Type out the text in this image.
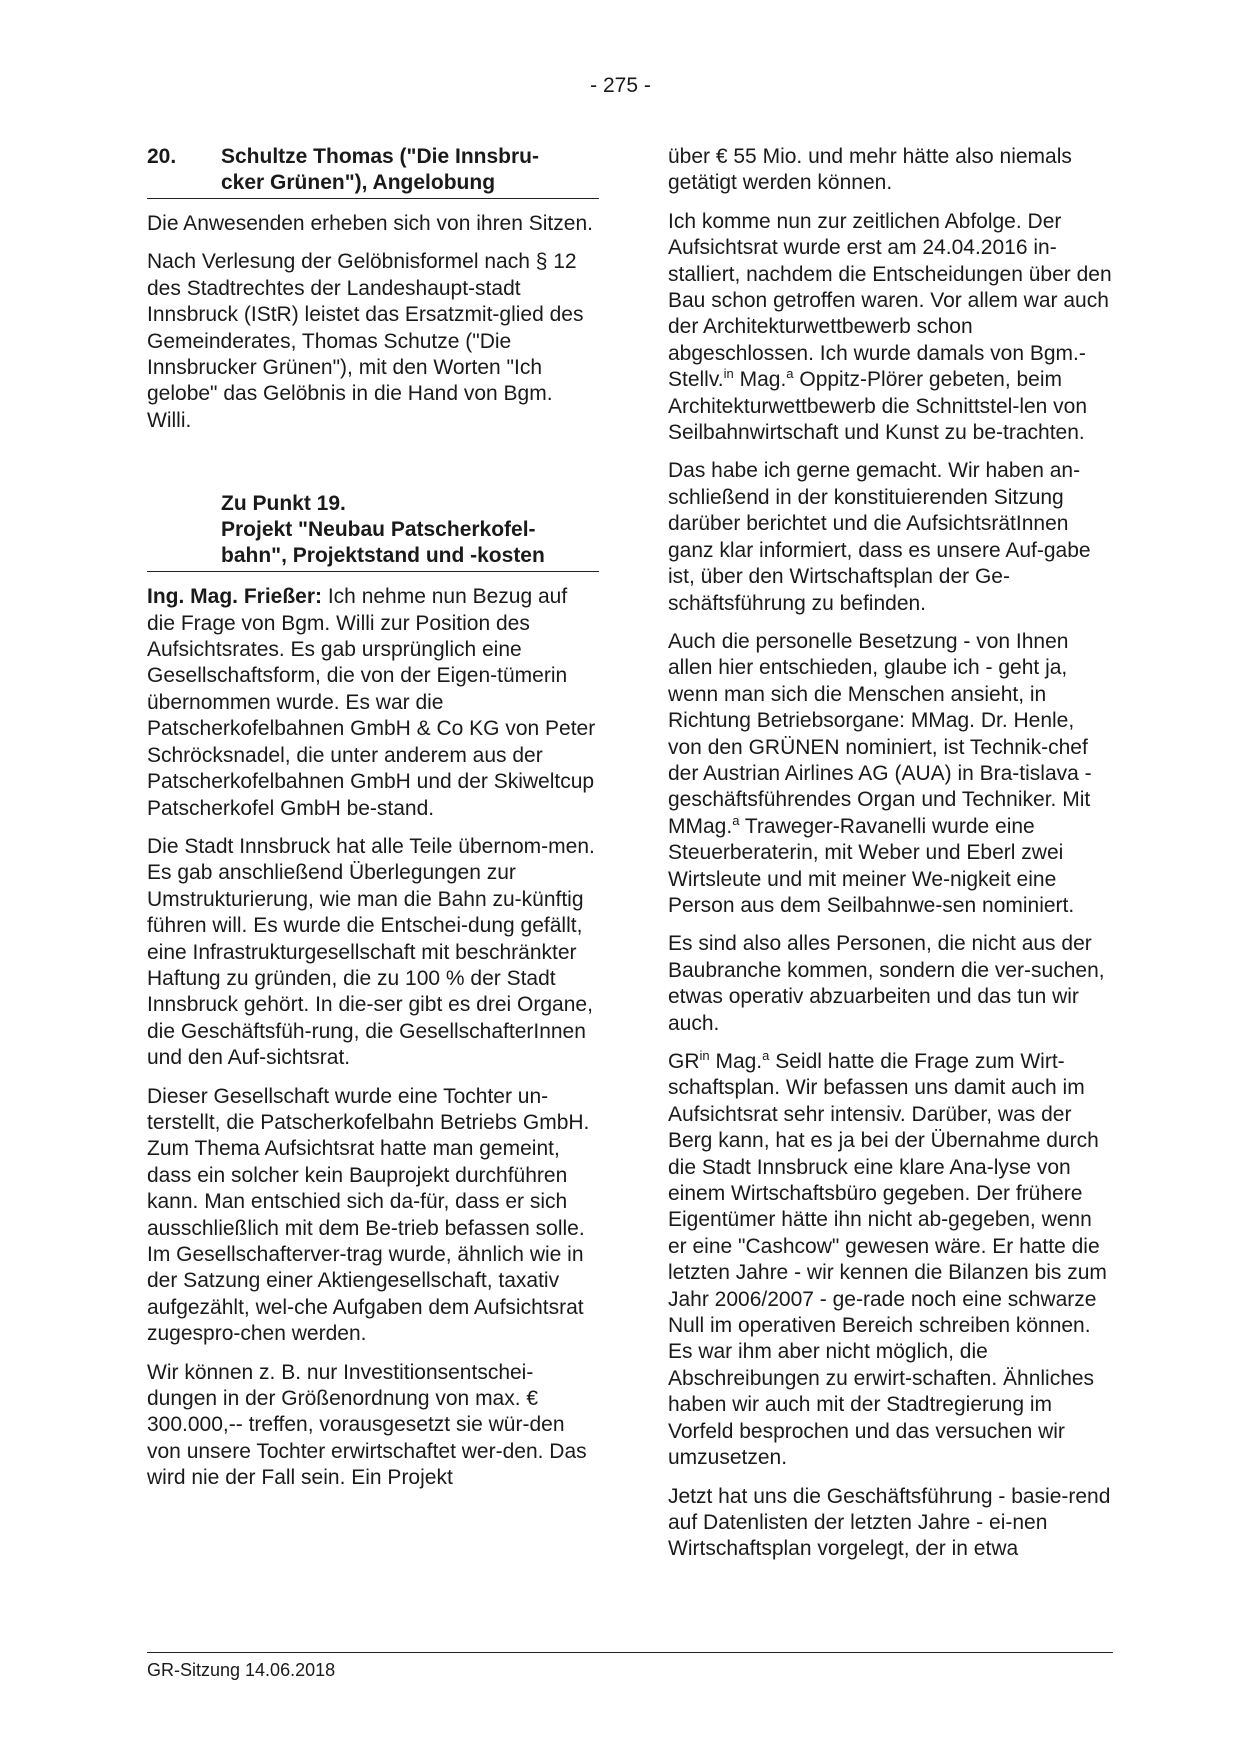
- 275 -
20.	Schultze Thomas ("Die Innsbru-
cker Grünen"), Angelobung

Die Anwesenden erheben sich von ihren Sitzen.

Nach Verlesung der Gelöbnisformel nach § 12 des Stadtrechtes der Landeshaupt-stadt Innsbruck (IStR) leistet das Ersatzmit-glied des Gemeinderates, Thomas Schutze ("Die Innsbrucker Grünen"), mit den Worten "Ich gelobe" das Gelöbnis in die Hand von Bgm. Willi.

Zu Punkt 19.
Projekt "Neubau Patscherkofel-
bahn", Projektstand und -kosten

Ing. Mag. Frießer: Ich nehme nun Bezug auf die Frage von Bgm. Willi zur Position des Aufsichtsrates. Es gab ursprünglich eine Gesellschaftsform, die von der Eigen-tümerin übernommen wurde. Es war die Patscherkofelbahnen GmbH & Co KG von Peter Schröcksnadel, die unter anderem aus der Patscherkofelbahnen GmbH und der Skiweltcup Patscherkofel GmbH be-stand.

Die Stadt Innsbruck hat alle Teile übernom-men. Es gab anschließend Überlegungen zur Umstrukturierung, wie man die Bahn zu-künftig führen will. Es wurde die Entschei-dung gefällt, eine Infrastrukturgesellschaft mit beschränkter Haftung zu gründen, die zu 100 % der Stadt Innsbruck gehört. In die-ser gibt es drei Organe, die Geschäftsfüh-rung, die GesellschafterInnen und den Auf-sichtsrat.

Dieser Gesellschaft wurde eine Tochter un-terstellt, die Patscherkofelbahn Betriebs GmbH. Zum Thema Aufsichtsrat hatte man gemeint, dass ein solcher kein Bauprojekt durchführen kann. Man entschied sich da-für, dass er sich ausschließlich mit dem Be-trieb befassen solle. Im Gesellschafterver-trag wurde, ähnlich wie in der Satzung einer Aktiengesellschaft, taxativ aufgezählt, wel-che Aufgaben dem Aufsichtsrat zugespro-chen werden.

Wir können z. B. nur Investitionsentschei-dungen in der Größenordnung von max. € 300.000,-- treffen, vorausgesetzt sie wür-den von unsere Tochter erwirtschaftet wer-den. Das wird nie der Fall sein. Ein Projekt

über € 55 Mio. und mehr hätte also niemals getätigt werden können.

Ich komme nun zur zeitlichen Abfolge. Der Aufsichtsrat wurde erst am 24.04.2016 in-stalliert, nachdem die Entscheidungen über den Bau schon getroffen waren. Vor allem war auch der Architekturwettbewerb schon abgeschlossen. Ich wurde damals von Bgm.-Stellv.$^{in}$ Mag.$^a$ Oppitz-Plörer gebeten, beim Architekturwettbewerb die Schnittstel-len von Seilbahnwirtschaft und Kunst zu be-trachten.

Das habe ich gerne gemacht. Wir haben an-schließend in der konstituierenden Sitzung darüber berichtet und die AufsichtsrätInnen ganz klar informiert, dass es unsere Auf-gabe ist, über den Wirtschaftsplan der Ge-schäftsführung zu befinden.

Auch die personelle Besetzung - von Ihnen allen hier entschieden, glaube ich - geht ja, wenn man sich die Menschen ansieht, in Richtung Betriebsorgane: MMag. Dr. Henle, von den GRÜNEN nominiert, ist Technik-chef der Austrian Airlines AG (AUA) in Bra-tislava - geschäftsführendes Organ und Techniker. Mit MMag.$^a$ Traweger-Ravanelli wurde eine Steuerberaterin, mit Weber und Eberl zwei Wirtsleute und mit meiner We-nigkeit eine Person aus dem Seilbahnwe-sen nominiert.

Es sind also alles Personen, die nicht aus der Baubranche kommen, sondern die ver-suchen, etwas operativ abzuarbeiten und das tun wir auch.

$GR^{in}$ Mag.$^a$ Seidl hatte die Frage zum Wirt-schaftsplan. Wir befassen uns damit auch im Aufsichtsrat sehr intensiv. Darüber, was der Berg kann, hat es ja bei der Übernahme durch die Stadt Innsbruck eine klare Ana-lyse von einem Wirtschaftsbüro gegeben. Der frühere Eigentümer hätte ihn nicht ab-gegeben, wenn er eine "Cashcow" gewesen wäre. Er hatte die letzten Jahre - wir kennen die Bilanzen bis zum Jahr 2006/2007 - ge-rade noch eine schwarze Null im operativen Bereich schreiben können. Es war ihm aber nicht möglich, die Abschreibungen zu erwirt-schaften. Ähnliches haben wir auch mit der Stadtregierung im Vorfeld besprochen und das versuchen wir umzusetzen.

Jetzt hat uns die Geschäftsführung - basie-rend auf Datenlisten der letzten Jahre - ei-nen Wirtschaftsplan vorgelegt, der in etwa

GR-Sitzung 14.06.2018
